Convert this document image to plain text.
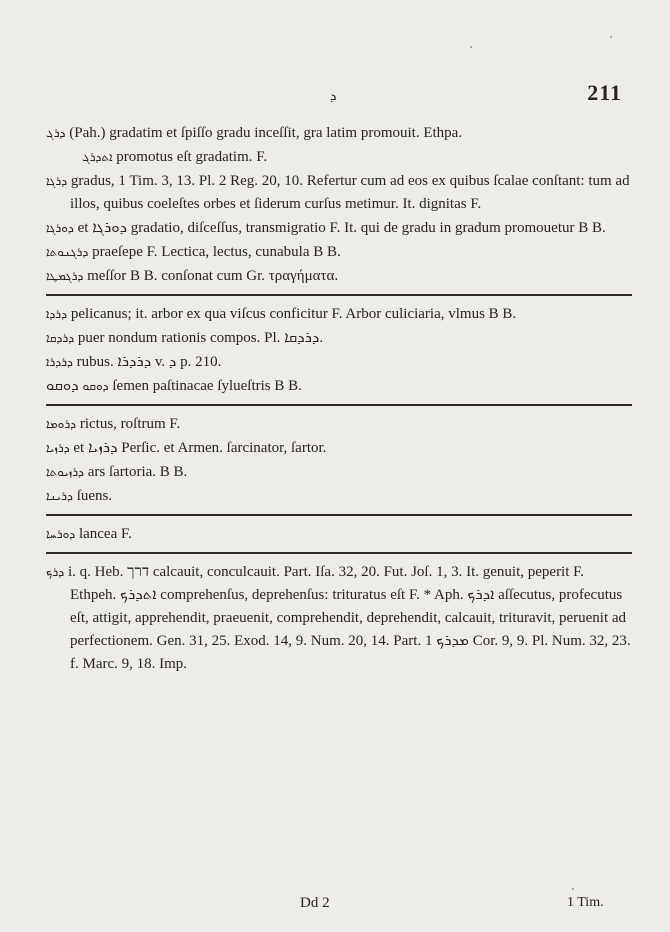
ܕ	211
ܕܪܓ (Pah.) gradatim et ſpiſſo gradu inceſſit, gra latim promouit. Ethpa.
ܐܬܕܪܓ promotus eſt gradatim. F.
ܕܪܓܐ gradus, 1 Tim. 3, 13. Pl. 2 Reg. 20, 10. Refertur cum ad eos ex quibus ſcalae conſtant: tum ad illos, quibus coeleſtes orbes et ſiderum curſus metimur. It. dignitas F.
ܕܘܪܓܐ et ܕܘܪܓܐ gradatio, diſceſſus, transmigratio F. It. qui de gradu in gradum promouetur B B.
ܕܪܓܢܘܬܐ praeſepe F. Lectica, lectus, cunabula B B.
ܕܪܓܡܛܐ meſſor B B. conſonat cum Gr. τραγήματα.
ܕܪܕܐ pelicanus; it. arbor ex qua viſcus conficitur F. Arbor culiciaria, vlmus B B.
ܕܪܕܩܐ puer nondum rationis compos. Pl. ܕܪܕܩܐ.
ܕܪܕܪܐ rubus. ܕܪܕܪܐ v. ܕ p. 210.
ܕܘܩܘ ܕܘܩܘ ſemen paſtinacae ſylueſtris B B.
ܕܪܘܡܐ rictus, roſtrum F.
ܕܪܙܝܐ et ܕܪܙܝܐ Perſic. et Armen. ſarcinator, ſartor.
ܕܪܙܝܘܬܐ ars ſartoria. B B.
ܕܪܝܢܐ ſuens.
ܕܘܪܚܐ lancea F.
ܕܪܟ i. q. Heb. דרך calcauit, conculcauit. Part. Iſa. 32, 20. Fut. Joſ. 1, 3. It. genuit, peperit F. Ethpeh. ܐܬܕܪܟ comprehenſus, deprehenſus: trituratus eſt F. * Aph. ܐܕܪܟ aſſecutus, profecutus eſt, attigit, apprehendit, praeuenit, comprehendit, deprehendit, calcauit, trituravit, peruenit ad perfectionem. Gen. 31, 25. Exod. 14, 9. Num. 20, 14. Part. ܡܕܪܟ 1 Cor. 9, 9. Pl. Num. 32, 23. f. Marc. 9, 18. Imp.
Dd 2	1 Tim.
